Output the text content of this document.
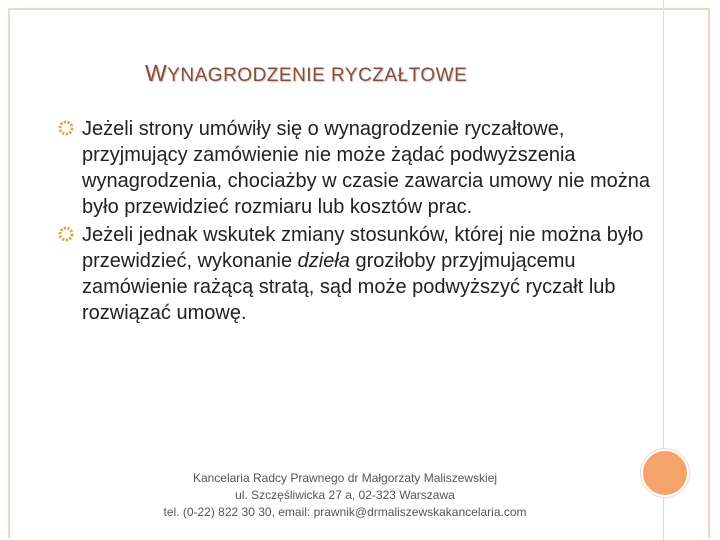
WYNAGRODZENIE RYCZAŁTOWE

Jeżeli strony umówiły się o wynagrodzenie ryczałtowe, przyjmujący zamówienie nie może żądać podwyższenia wynagrodzenia, chociażby w czasie zawarcia umowy nie można było przewidzieć rozmiaru lub kosztów prac.

Jeżeli jednak wskutek zmiany stosunków, której nie można było przewidzieć, wykonanie dzieła groziłoby przyjmującemu zamówienie rażącą stratą, sąd może podwyższyć ryczałt lub rozwiązać umowę.

Kancelaria Radcy Prawnego dr Małgorzaty Maliszewskiej
ul. Szczęśliwicka 27 a, 02-323 Warszawa
tel. (0-22) 822 30 30, email: prawnik@drmaliszewskakancelaria.com
